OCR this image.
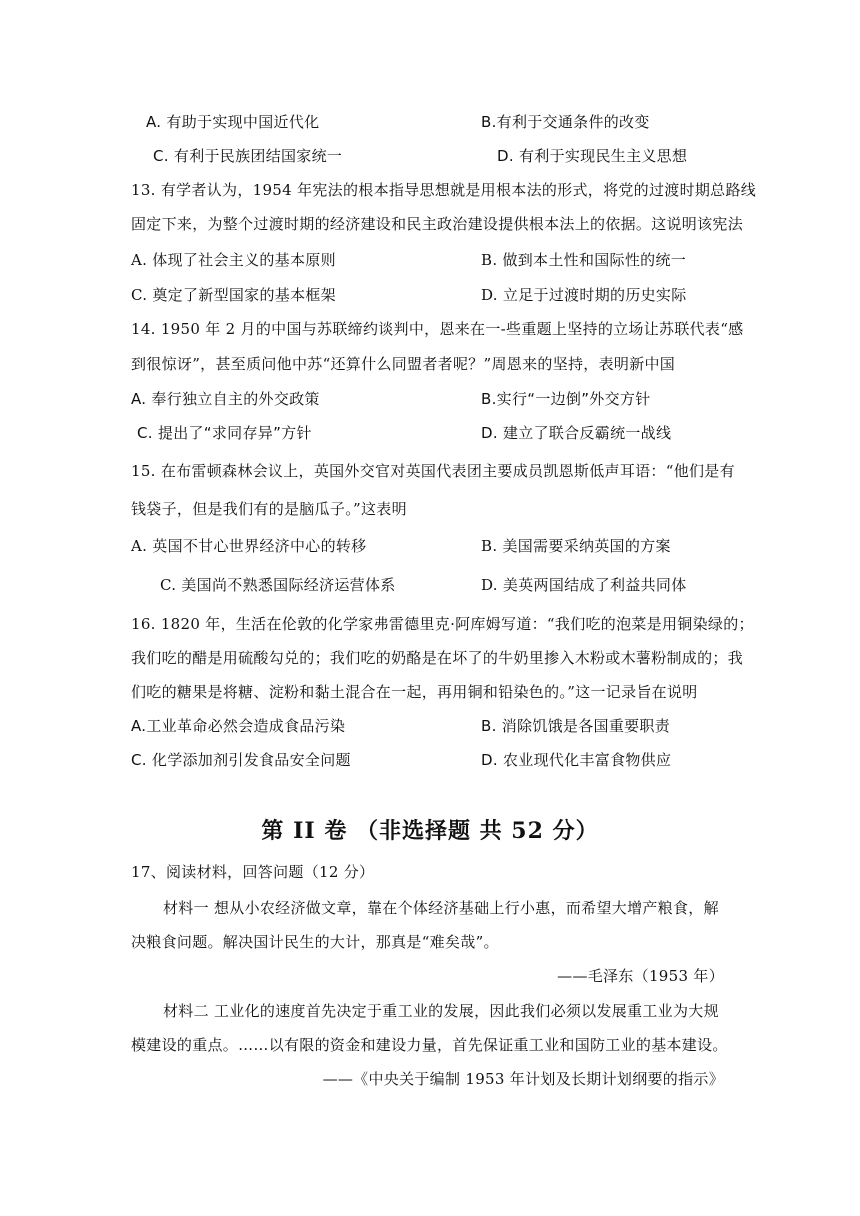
A. 有助于实现中国近代化	B.有利于交通条件的改变
C. 有利于民族团结国家统一	D. 有利于实现民生主义思想
13. 有学者认为，1954 年宪法的根本指导思想就是用根本法的形式，将党的过渡时期总路线
固定下来，为整个过渡时期的经济建设和民主政治建设提供根本法上的依据。这说明该宪法
A. 体现了社会主义的基本原则	B. 做到本土性和国际性的统一
C. 奠定了新型国家的基本框架	D. 立足于过渡时期的历史实际
14. 1950 年 2 月的中国与苏联缔约谈判中，恩来在一-些重题上坚持的立场让苏联代表“感
到很惊讶”，甚至质问他中苏“还算什么同盟者者呢？”周恩来的坚持，表明新中国
A. 奉行独立自主的外交政策	B.实行“一边倒”外交方针
C. 提出了“求同存异”方针	D. 建立了联合反霸统一战线
15. 在布雷顿森林会议上，英国外交官对英国代表团主要成员凯恩斯低声耳语：“他们是有
钱袋子，但是我们有的是脑瓜子。”这表明
A. 英国不甘心世界经济中心的转移	B. 美国需要采纳英国的方案
C. 美国尚不熟悉国际经济运营体系	D. 美英两国结成了利益共同体
16. 1820 年，生活在伦敦的化学家弗雷德里克·阿库姆写道：“我们吃的泡菜是用铜染绿的；
我们吃的醋是用硫酸勾兑的；我们吃的奶酪是在坏了的牛奶里掺入木粉或木薯粉制成的；我
们吃的糖果是将糖、淀粉和黏土混合在一起，再用铜和铅染色的。”这一记录旨在说明
A.工业革命必然会造成食品污染	B. 消除饥饿是各国重要职责
C. 化学添加剂引发食品安全问题	D. 农业现代化丰富食物供应
第 II 卷 （非选择题 共 52 分）
17、阅读材料，回答问题（12 分）
材料一 想从小农经济做文章，靠在个体经济基础上行小惠，而希望大增产粮食，解
决粮食问题。解决国计民生的大计，那真是“难矣哉”。
——毛泽东（1953 年）
材料二 工业化的速度首先决定于重工业的发展，因此我们必须以发展重工业为大规
模建设的重点。……以有限的资金和建设力量，首先保证重工业和国防工业的基本建设。
——《中央关于编制 1953 年计划及长期计划纲要的指示》
